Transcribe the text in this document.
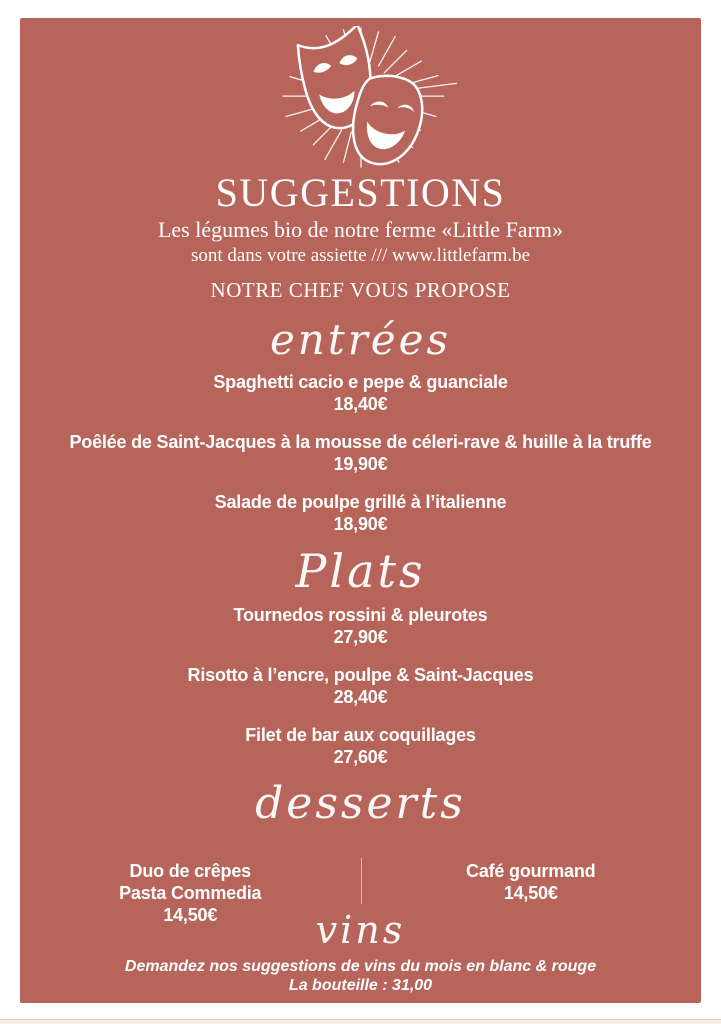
SUGGESTIONS
Les légumes bio de notre ferme «Little Farm»
sont dans votre assiette /// www.littlefarm.be
NOTRE CHEF VOUS PROPOSE
entrées
Spaghetti cacio e pepe & guanciale
18,40€
Poêlée de Saint-Jacques à la mousse de céleri-rave & huille à la truffe
19,90€
Salade de poulpe grillé à l’italienne
18,90€
Plats
Tournedos rossini & pleurotes
27,90€
Risotto à l’encre, poulpe & Saint-Jacques
28,40€
Filet de bar aux coquillages
27,60€
desserts
Duo de crêpes
Pasta Commedia
14,50€
Café gourmand
14,50€
vins
Demandez nos suggestions de vins du mois en blanc & rouge
La bouteille : 31,00
